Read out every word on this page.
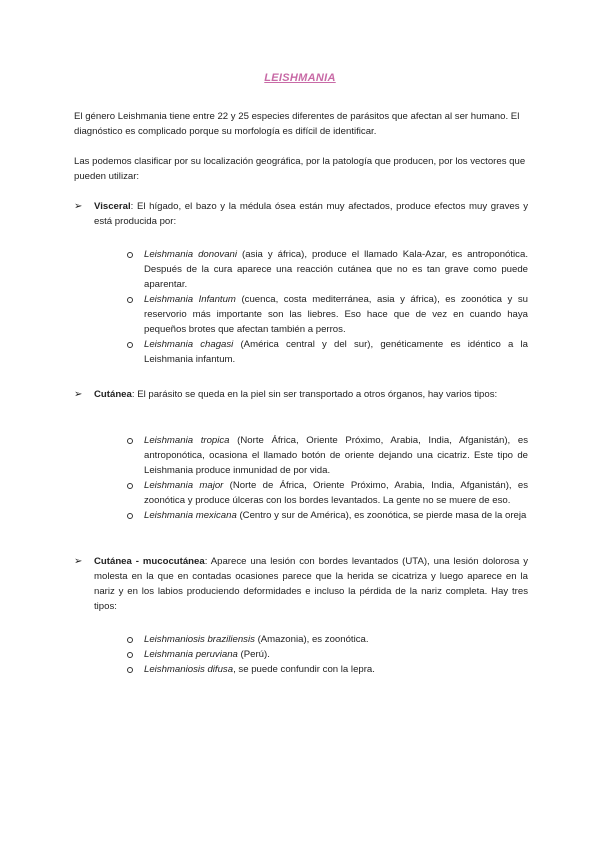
LEISHMANIA
El género Leishmania tiene entre 22 y 25 especies diferentes de parásitos que afectan al ser humano. El diagnóstico es complicado porque su morfología es difícil de identificar.
Las podemos clasificar por su localización geográfica, por la patología que producen, por los vectores que pueden utilizar:
➢ Visceral: El hígado, el bazo y la médula ósea están muy afectados, produce efectos muy graves y está producida por:
Leishmania donovani (asia y áfrica), produce el llamado Kala-Azar, es antroponótica. Después de la cura aparece una reacción cutánea que no es tan grave como puede aparentar.
Leishmania Infantum (cuenca, costa mediterránea, asia y áfrica), es zoonótica y su reservorio más importante son las liebres. Eso hace que de vez en cuando haya pequeños brotes que afectan también a perros.
Leishmania chagasi (América central y del sur), genéticamente es idéntico a la Leishmania infantum.
➢ Cutánea: El parásito se queda en la piel sin ser transportado a otros órganos, hay varios tipos:
Leishmania tropica (Norte África, Oriente Próximo, Arabia, India, Afganistán), es antroponótica, ocasiona el llamado botón de oriente dejando una cicatriz. Este tipo de Leishmania produce inmunidad de por vida.
Leishmania major (Norte de África, Oriente Próximo, Arabia, India, Afganistán), es zoonótica y produce úlceras con los bordes levantados. La gente no se muere de eso.
Leishmania mexicana (Centro y sur de América), es zoonótica, se pierde masa de la oreja
➢ Cutánea - mucocutánea: Aparece una lesión con bordes levantados (UTA), una lesión dolorosa y molesta en la que en contadas ocasiones parece que la herida se cicatriza y luego aparece en la nariz y en los labios produciendo deformidades e incluso la pérdida de la nariz completa. Hay tres tipos:
Leishmaniosis braziliensis (Amazonia), es zoonótica.
Leishmania peruviana (Perú).
Leishmaniosis difusa, se puede confundir con la lepra.
